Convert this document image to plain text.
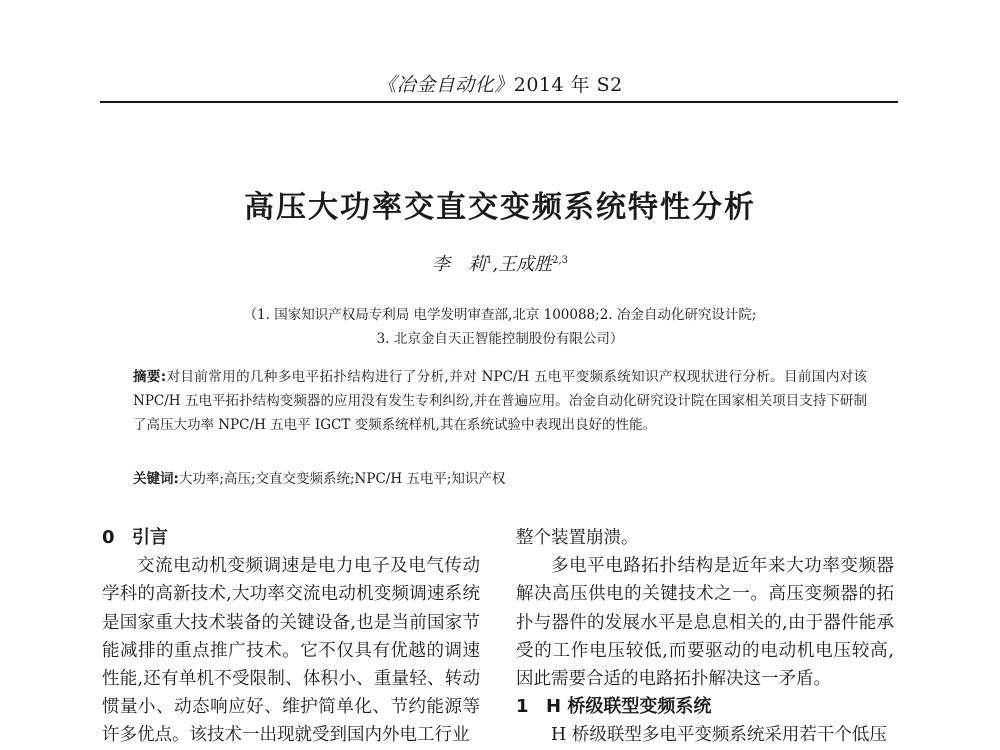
《冶金自动化》2014 年 S2
高压大功率交直交变频系统特性分析
李　莉$^1$,王成胜$^{2,3}$
（1. 国家知识产权局专利局 电学发明审查部,北京 100088;2. 冶金自动化研究设计院;
3. 北京金自天正智能控制股份有限公司）
摘要:对目前常用的几种多电平拓扑结构进行了分析,并对 NPC/H 五电平变频系统知识产权现状进行分析。目前国内对该 NPC/H 五电平拓扑结构变频器的应用没有发生专利纠纷,并在普遍应用。冶金自动化研究设计院在国家相关项目支持下研制了高压大功率 NPC/H 五电平 IGCT 变频系统样机,其在系统试验中表现出良好的性能。
关键词:大功率;高压;交直交变频系统;NPC/H 五电平;知识产权
0 引言

交流电动机变频调速是电力电子及电气传动学科的高新技术,大功率交流电动机变频调速系统是国家重大技术装备的关键设备,也是当前国家节能减排的重点推广技术。它不仅具有优越的调速性能,还有单机不受限制、体积小、重量轻、转动惯量小、动态响应好、维护简单化、节约能源等许多优点。该技术一出现就受到国内外电工行业

整个装置崩溃。

多电平电路拓扑结构是近年来大功率变频器解决高压供电的关键技术之一。高压变频器的拓扑与器件的发展水平是息息相关的,由于器件能承受的工作电压较低,而要驱动的电动机电压较高,因此需要合适的电路拓扑解决这一矛盾。

1 H 桥级联型变频系统

H 桥级联型多电平变频系统采用若干个低压
